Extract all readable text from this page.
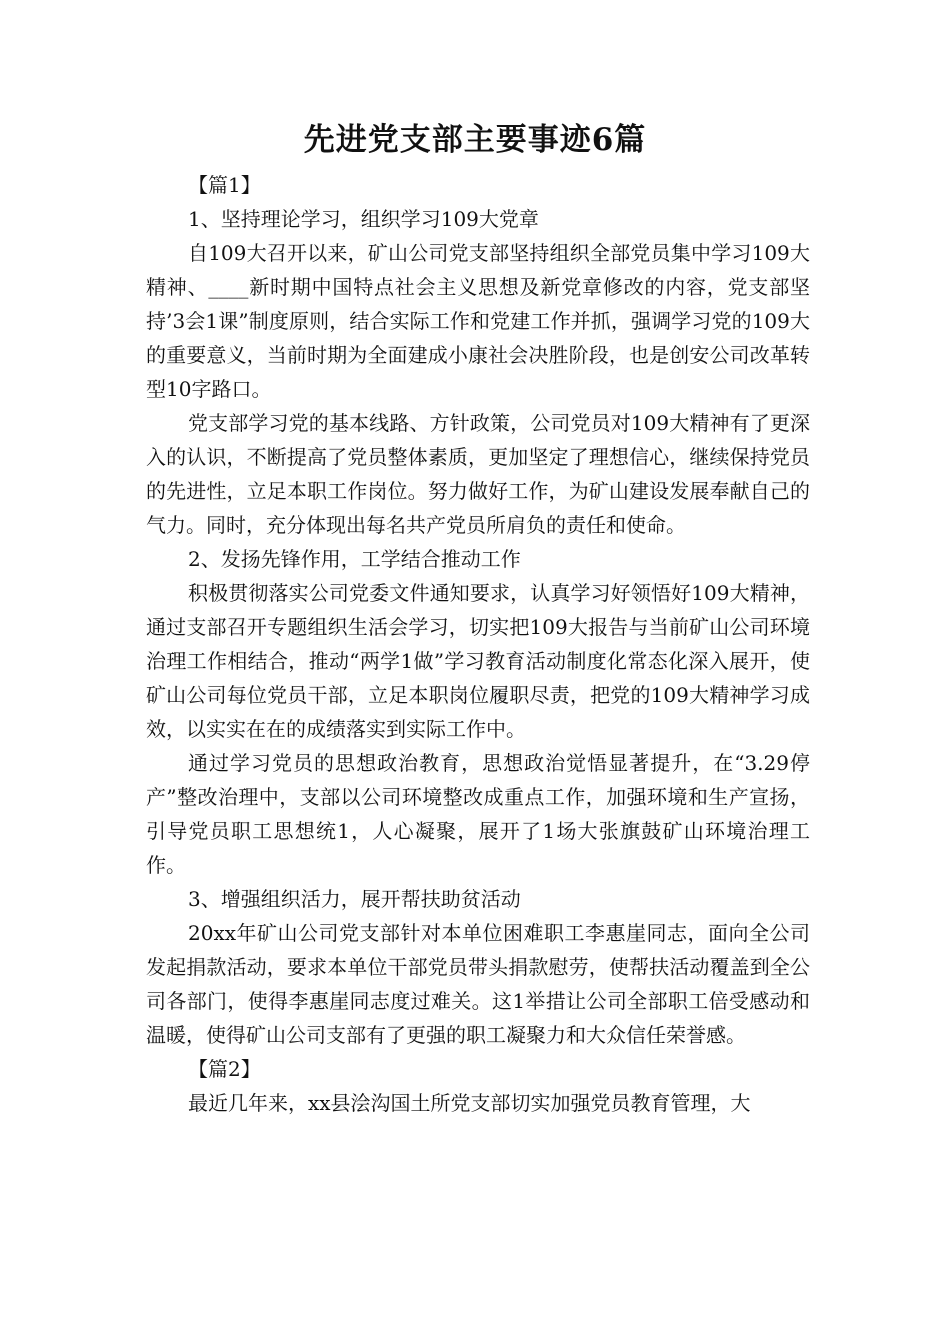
先进党支部主要事迹6篇

【篇1】

1、坚持理论学习，组织学习109大党章

自109大召开以来，矿山公司党支部坚持组织全部党员集中学习109大精神、____新时期中国特点社会主义思想及新党章修改的内容，党支部坚持’3会1课”制度原则，结合实际工作和党建工作并抓，强调学习党的109大的重要意义，当前时期为全面建成小康社会决胜阶段，也是创安公司改革转型10字路口。

党支部学习党的基本线路、方针政策，公司党员对109大精神有了更深入的认识，不断提高了党员整体素质，更加坚定了理想信心，继续保持党员的先进性，立足本职工作岗位。努力做好工作，为矿山建设发展奉献自己的气力。同时，充分体现出每名共产党员所肩负的责任和使命。

2、发扬先锋作用，工学结合推动工作

积极贯彻落实公司党委文件通知要求，认真学习好领悟好109大精神，通过支部召开专题组织生活会学习，切实把109大报告与当前矿山公司环境治理工作相结合，推动“两学1做”学习教育活动制度化常态化深入展开，使矿山公司每位党员干部，立足本职岗位履职尽责，把党的109大精神学习成效，以实实在在的成绩落实到实际工作中。

通过学习党员的思想政治教育，思想政治觉悟显著提升，在“3.29停产”整改治理中，支部以公司环境整改成重点工作，加强环境和生产宣扬，引导党员职工思想统1，人心凝聚，展开了1场大张旗鼓矿山环境治理工作。

3、增强组织活力，展开帮扶助贫活动

20xx年矿山公司党支部针对本单位困难职工李惠崖同志，面向全公司发起捐款活动，要求本单位干部党员带头捐款慰劳，使帮扶活动覆盖到全公司各部门，使得李惠崖同志度过难关。这1举措让公司全部职工倍受感动和温暖，使得矿山公司支部有了更强的职工凝聚力和大众信任荣誉感。

【篇2】

最近几年来，xx县浍沟国土所党支部切实加强党员教育管理，大
